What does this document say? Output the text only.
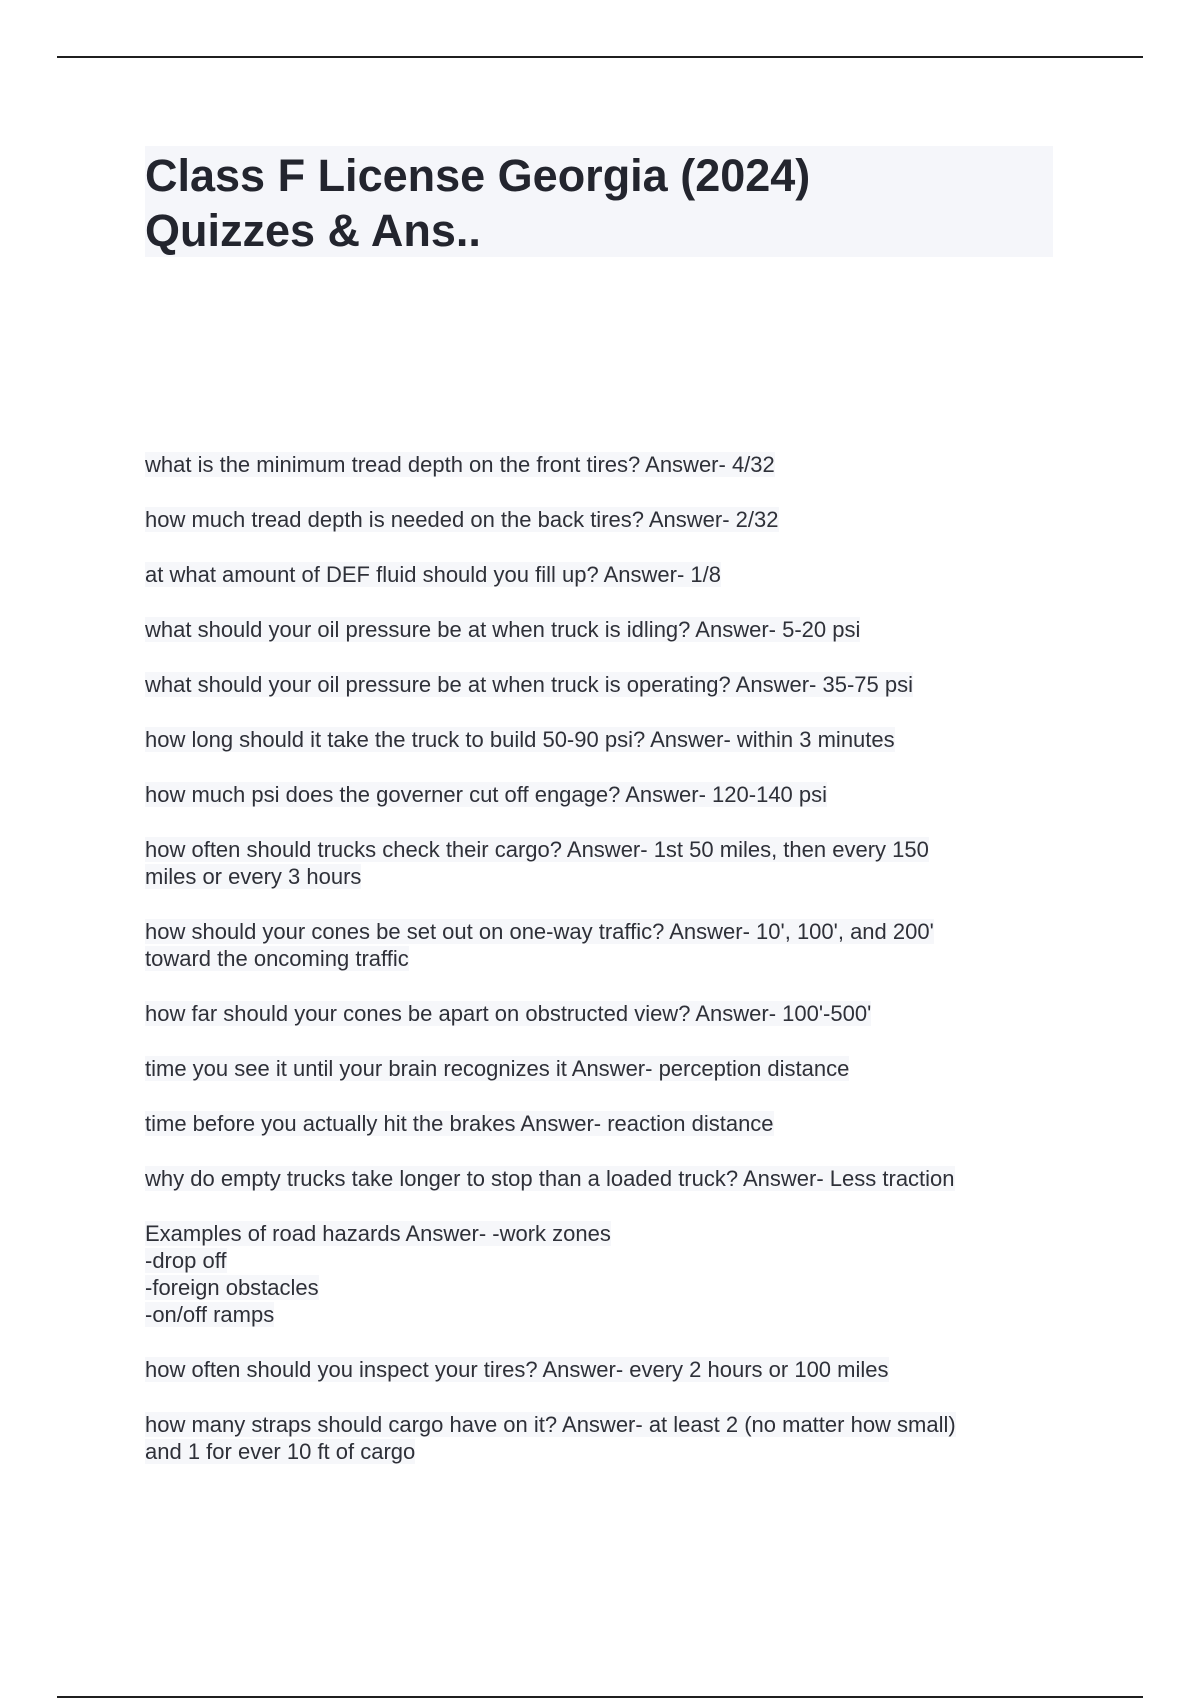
Class F License Georgia (2024)
Quizzes & Ans..
what is the minimum tread depth on the front tires? Answer- 4/32
how much tread depth is needed on the back tires? Answer- 2/32
at what amount of DEF fluid should you fill up? Answer- 1/8
what should your oil pressure be at when truck is idling? Answer- 5-20 psi
what should your oil pressure be at when truck is operating? Answer- 35-75 psi
how long should it take the truck to build 50-90 psi? Answer- within 3 minutes
how much psi does the governer cut off engage? Answer- 120-140 psi
how often should trucks check their cargo? Answer- 1st 50 miles, then every 150
miles or every 3 hours
how should your cones be set out on one-way traffic? Answer- 10', 100', and 200'
toward the oncoming traffic
how far should your cones be apart on obstructed view? Answer- 100'-500'
time you see it until your brain recognizes it Answer- perception distance
time before you actually hit the brakes Answer- reaction distance
why do empty trucks take longer to stop than a loaded truck? Answer- Less traction
Examples of road hazards Answer- -work zones
-drop off
-foreign obstacles
-on/off ramps
how often should you inspect your tires? Answer- every 2 hours or 100 miles
how many straps should cargo have on it? Answer- at least 2 (no matter how small)
and 1 for ever 10 ft of cargo
